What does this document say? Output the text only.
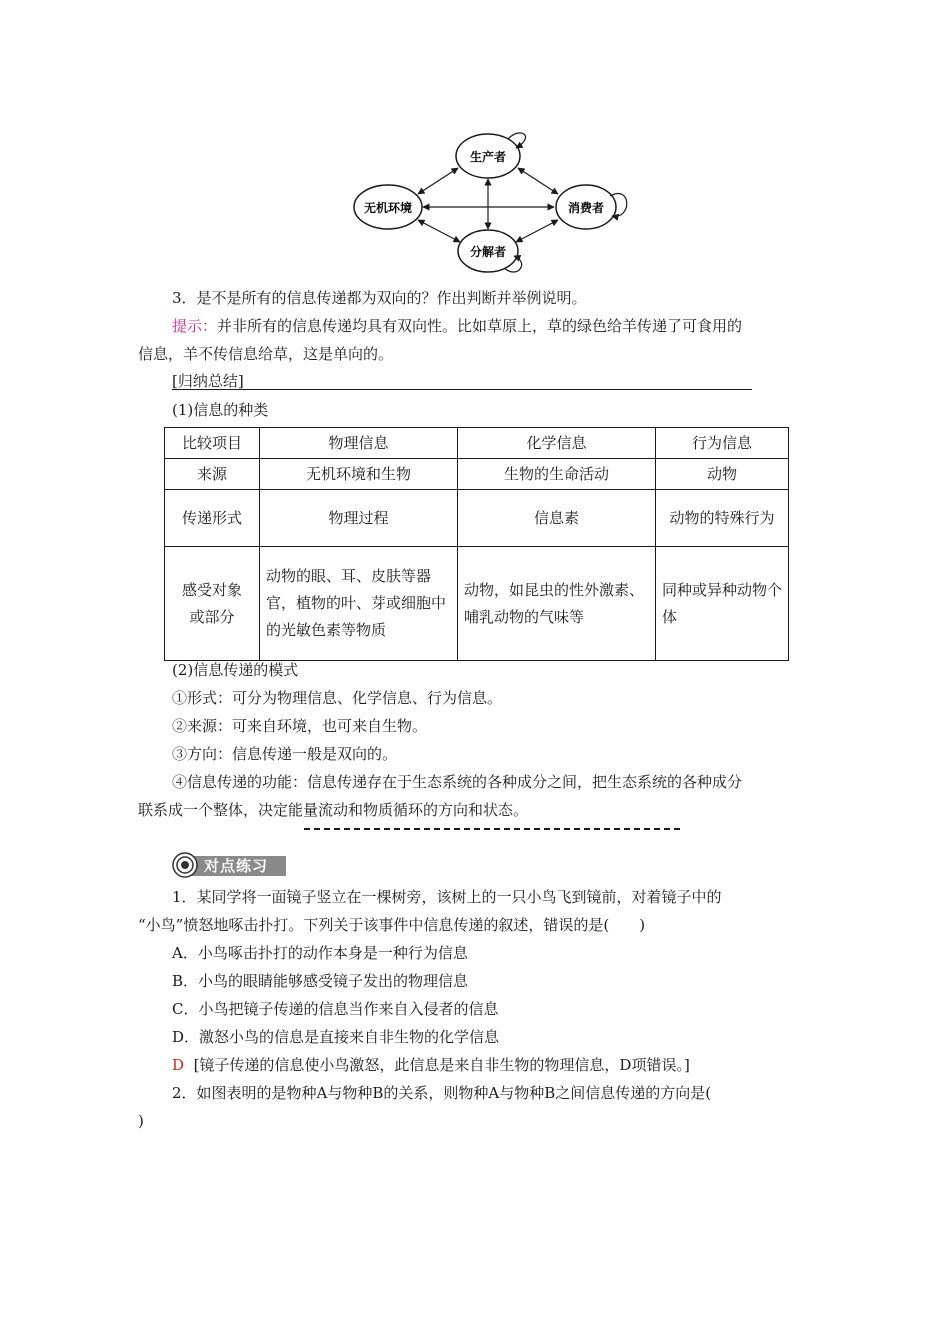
生产者
无机环境	消费者
分解者
3．是不是所有的信息传递都为双向的？作出判断并举例说明。
提示：并非所有的信息传递均具有双向性。比如草原上，草的绿色给羊传递了可食用的
信息，羊不传信息给草，这是单向的。
[归纳总结]
(1)信息的种类
比较项目	物理信息	化学信息	行为信息
来源	无机环境和生物	生物的生命活动	动物
传递形式	物理过程	信息素	动物的特殊行为
感受对象或部分	动物的眼、耳、皮肤等器官，植物的叶、芽或细胞中的光敏色素等物质	动物，如昆虫的性外激素、哺乳动物的气味等	同种或异种动物个体
(2)信息传递的模式
①形式：可分为物理信息、化学信息、行为信息。
②来源：可来自环境，也可来自生物。
③方向：信息传递一般是双向的。
④信息传递的功能：信息传递存在于生态系统的各种成分之间，把生态系统的各种成分
联系成一个整体，决定能量流动和物质循环的方向和状态。
对点练习
1．某同学将一面镜子竖立在一棵树旁，该树上的一只小鸟飞到镜前，对着镜子中的
“小鸟”愤怒地啄击扑打。下列关于该事件中信息传递的叙述，错误的是(　　)
A．小鸟啄击扑打的动作本身是一种行为信息
B．小鸟的眼睛能够感受镜子发出的物理信息
C．小鸟把镜子传递的信息当作来自入侵者的信息
D．激怒小鸟的信息是直接来自非生物的化学信息
D [镜子传递的信息使小鸟激怒，此信息是来自非生物的物理信息，D项错误。]
2．如图表明的是物种A与物种B的关系，则物种A与物种B之间信息传递的方向是(
)
